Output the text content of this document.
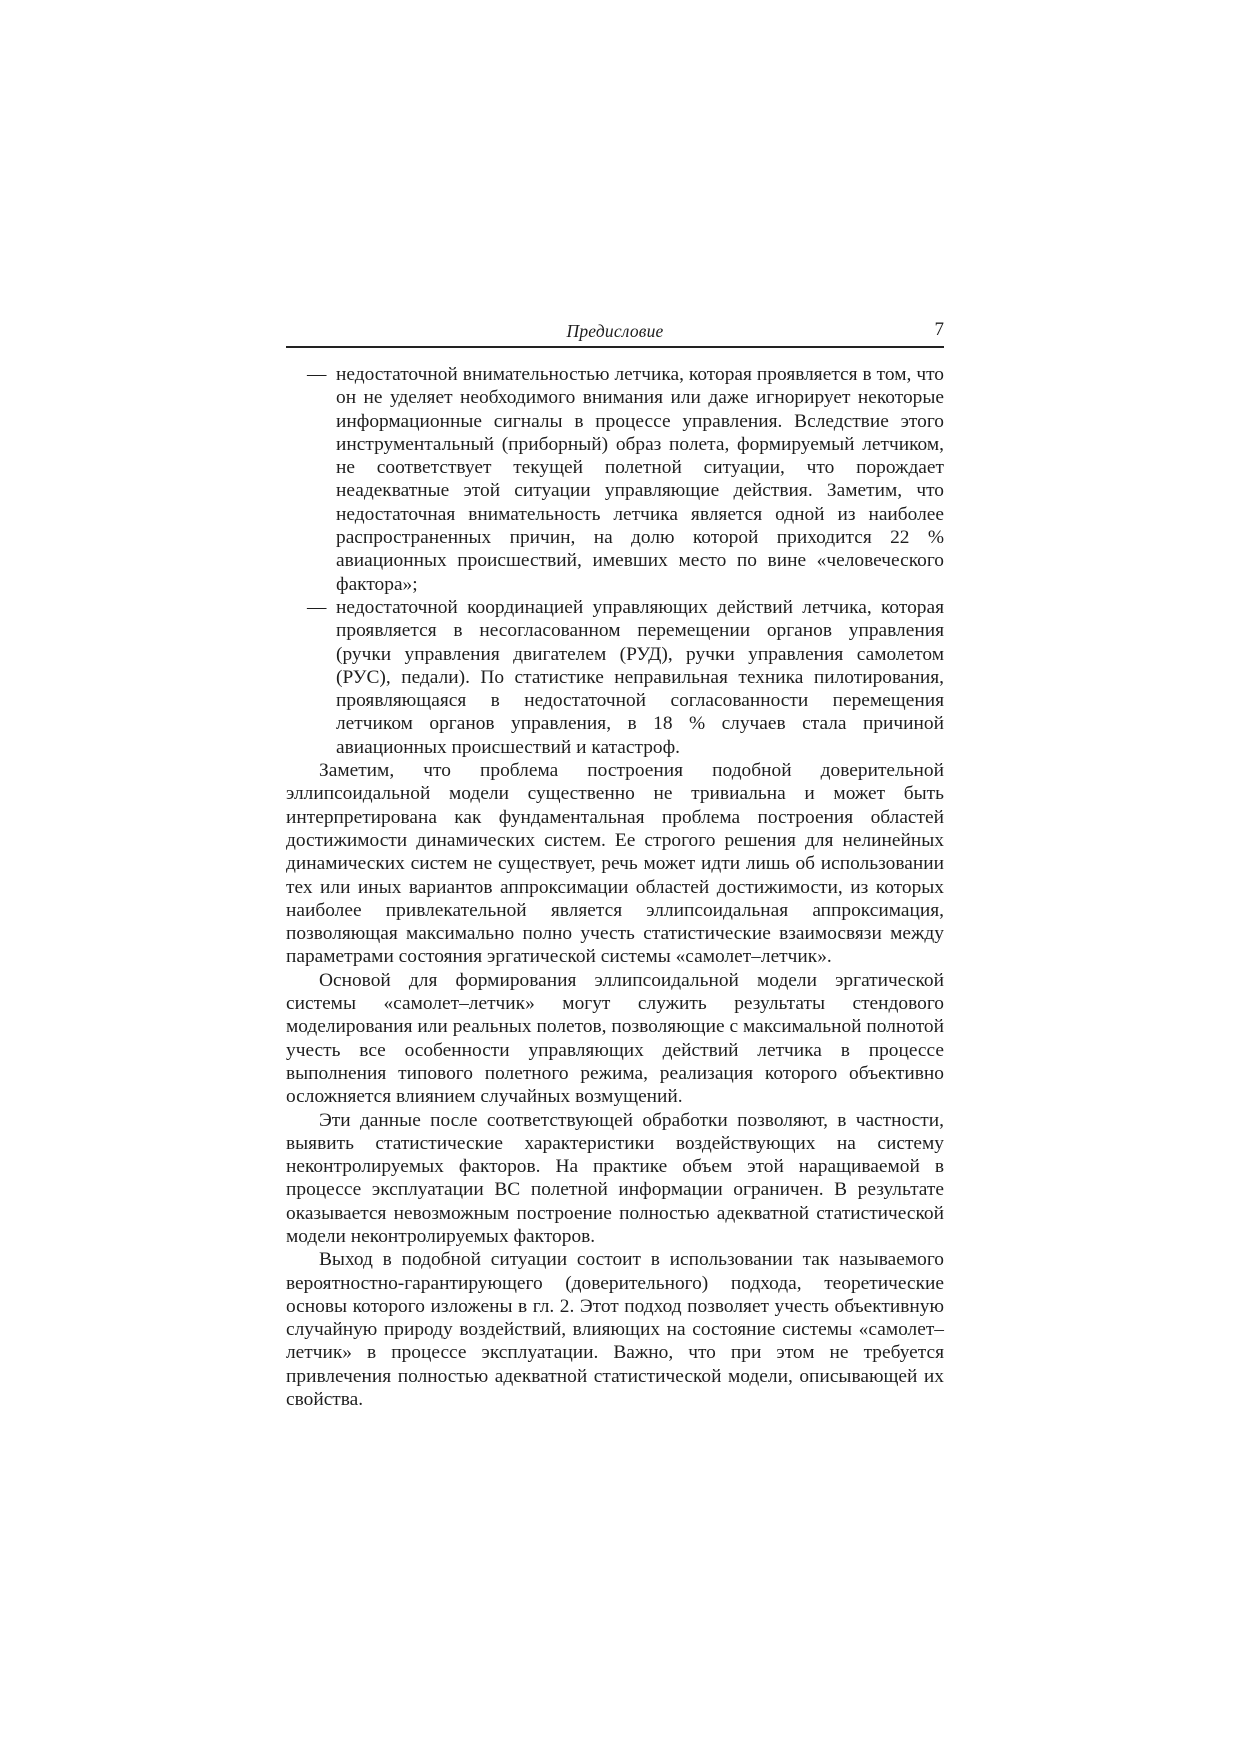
Предисловие	7
— недостаточной внимательностью летчика, которая проявляется в том, что он не уделяет необходимого внимания или даже игнорирует некоторые информационные сигналы в процессе управления. Вследствие этого инструментальный (приборный) образ полета, формируемый летчиком, не соответствует текущей полетной ситуации, что порождает неадекватные этой ситуации управляющие действия. Заметим, что недостаточная внимательность летчика является одной из наиболее распространенных причин, на долю которой приходится 22 % авиационных происшествий, имевших место по вине «человеческого фактора»;
— недостаточной координацией управляющих действий летчика, которая проявляется в несогласованном перемещении органов управления (ручки управления двигателем (РУД), ручки управления самолетом (РУС), педали). По статистике неправильная техника пилотирования, проявляющаяся в недостаточной согласованности перемещения летчиком органов управления, в 18 % случаев стала причиной авиационных происшествий и катастроф.

Заметим, что проблема построения подобной доверительной эллипсоидальной модели существенно не тривиальна и может быть интерпретирована как фундаментальная проблема построения областей достижимости динамических систем. Ее строгого решения для нелинейных динамических систем не существует, речь может идти лишь об использовании тех или иных вариантов аппроксимации областей достижимости, из которых наиболее привлекательной является эллипсоидальная аппроксимация, позволяющая максимально полно учесть статистические взаимосвязи между параметрами состояния эргатической системы «самолет–летчик».

Основой для формирования эллипсоидальной модели эргатической системы «самолет–летчик» могут служить результаты стендового моделирования или реальных полетов, позволяющие с максимальной полнотой учесть все особенности управляющих действий летчика в процессе выполнения типового полетного режима, реализация которого объективно осложняется влиянием случайных возмущений.

Эти данные после соответствующей обработки позволяют, в частности, выявить статистические характеристики воздействующих на систему неконтролируемых факторов. На практике объем этой наращиваемой в процессе эксплуатации ВС полетной информации ограничен. В результате оказывается невозможным построение полностью адекватной статистической модели неконтролируемых факторов.

Выход в подобной ситуации состоит в использовании так называемого вероятностно-гарантирующего (доверительного) подхода, теоретические основы которого изложены в гл. 2. Этот подход позволяет учесть объективную случайную природу воздействий, влияющих на состояние системы «самолет–летчик» в процессе эксплуатации. Важно, что при этом не требуется привлечения полностью адекватной статистической модели, описывающей их свойства.
